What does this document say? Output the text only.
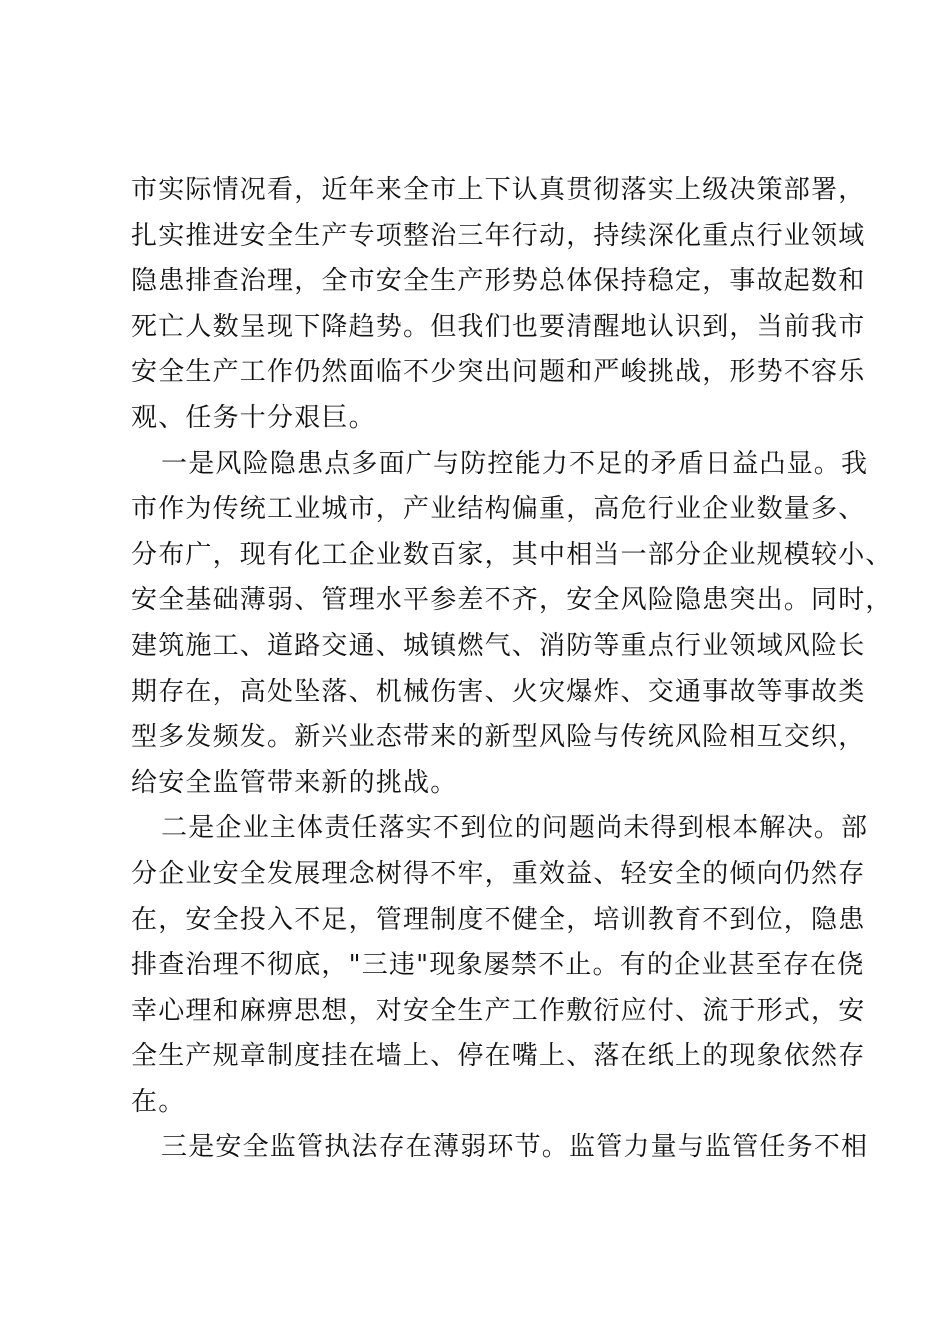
市实际情况看，近年来全市上下认真贯彻落实上级决策部署，
扎实推进安全生产专项整治三年行动，持续深化重点行业领域
隐患排查治理，全市安全生产形势总体保持稳定，事故起数和
死亡人数呈现下降趋势。但我们也要清醒地认识到，当前我市
安全生产工作仍然面临不少突出问题和严峻挑战，形势不容乐
观、任务十分艰巨。
一是风险隐患点多面广与防控能力不足的矛盾日益凸显。我
市作为传统工业城市，产业结构偏重，高危行业企业数量多、
分布广，现有化工企业数百家，其中相当一部分企业规模较小、
安全基础薄弱、管理水平参差不齐，安全风险隐患突出。同时，
建筑施工、道路交通、城镇燃气、消防等重点行业领域风险长
期存在，高处坠落、机械伤害、火灾爆炸、交通事故等事故类
型多发频发。新兴业态带来的新型风险与传统风险相互交织，
给安全监管带来新的挑战。
二是企业主体责任落实不到位的问题尚未得到根本解决。部
分企业安全发展理念树得不牢，重效益、轻安全的倾向仍然存
在，安全投入不足，管理制度不健全，培训教育不到位，隐患
排查治理不彻底，"三违"现象屡禁不止。有的企业甚至存在侥
幸心理和麻痹思想，对安全生产工作敷衍应付、流于形式，安
全生产规章制度挂在墙上、停在嘴上、落在纸上的现象依然存
在。
三是安全监管执法存在薄弱环节。监管力量与监管任务不相
